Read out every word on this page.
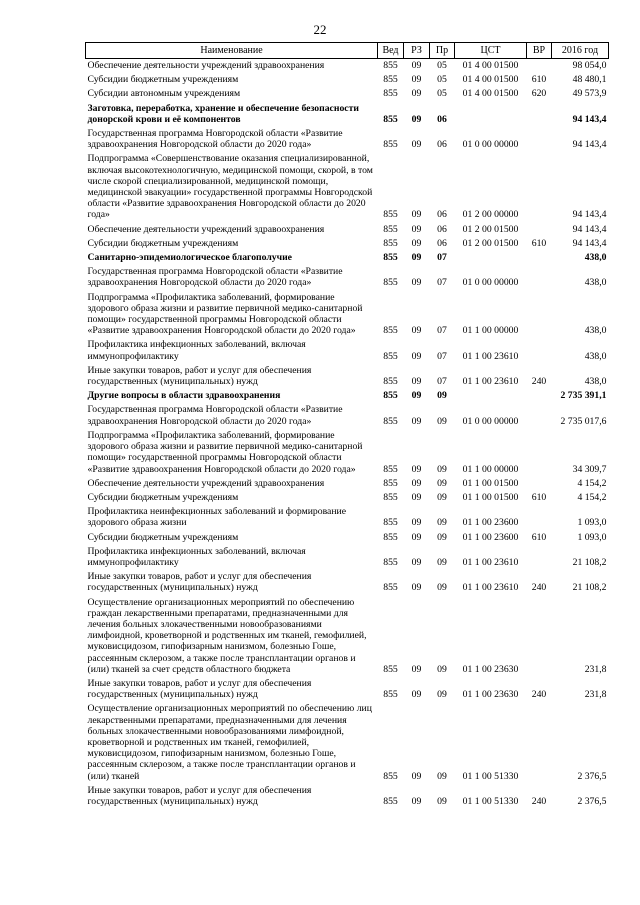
22
Наименование	Вед	РЗ	Пр	ЦСТ	ВР	2016 год
Обеспечение деятельности учреждений здравоохранения	855	09	05	01 4 00 01500		98 054,0
Субсидии бюджетным учреждениям	855	09	05	01 4 00 01500	610	48 480,1
Субсидии автономным учреждениям	855	09	05	01 4 00 01500	620	49 573,9
Заготовка, переработка, хранение и обеспечение безопасности донорской крови и её компонентов	855	09	06			94 143,4
Государственная программа Новгородской области «Развитие здравоохранения Новгородской области до 2020 года»	855	09	06	01 0 00 00000		94 143,4
Подпрограмма «Совершенствование оказания специализированной, включая высокотехнологичную, медицинской помощи, скорой, в том числе скорой специализированной, медицинской помощи, медицинской эвакуации» государственной программы Новгородской области «Развитие здравоохранения Новгородской области до 2020 года»	855	09	06	01 2 00 00000		94 143,4
Обеспечение деятельности учреждений здравоохранения	855	09	06	01 2 00 01500		94 143,4
Субсидии бюджетным учреждениям	855	09	06	01 2 00 01500	610	94 143,4
Санитарно-эпидемиологическое благополучие	855	09	07			438,0
Государственная программа Новгородской области «Развитие здравоохранения Новгородской области до 2020 года»	855	09	07	01 0 00 00000		438,0
Подпрограмма «Профилактика заболеваний, формирование здорового образа жизни и развитие первичной медико-санитарной помощи» государственной программы Новгородской области «Развитие здравоохранения Новгородской области до 2020 года»	855	09	07	01 1 00 00000		438,0
Профилактика инфекционных заболеваний, включая иммунопрофилактику	855	09	07	01 1 00 23610		438,0
Иные закупки товаров, работ и услуг для обеспечения государственных (муниципальных) нужд	855	09	07	01 1 00 23610	240	438,0
Другие вопросы в области здравоохранения	855	09	09			2 735 391,1
Государственная программа Новгородской области «Развитие здравоохранения Новгородской области до 2020 года»	855	09	09	01 0 00 00000		2 735 017,6
Подпрограмма «Профилактика заболеваний, формирование здорового образа жизни и развитие первичной медико-санитарной помощи» государственной программы Новгородской области «Развитие здравоохранения Новгородской области до 2020 года»	855	09	09	01 1 00 00000		34 309,7
Обеспечение деятельности учреждений здравоохранения	855	09	09	01 1 00 01500		4 154,2
Субсидии бюджетным учреждениям	855	09	09	01 1 00 01500	610	4 154,2
Профилактика неинфекционных заболеваний и формирование здорового образа жизни	855	09	09	01 1 00 23600		1 093,0
Субсидии бюджетным учреждениям	855	09	09	01 1 00 23600	610	1 093,0
Профилактика инфекционных заболеваний, включая иммунопрофилактику	855	09	09	01 1 00 23610		21 108,2
Иные закупки товаров, работ и услуг для обеспечения государственных (муниципальных) нужд	855	09	09	01 1 00 23610	240	21 108,2
Осуществление организационных мероприятий по обеспечению граждан лекарственными препаратами, предназначенными для лечения больных злокачественными новообразованиями лимфоидной, кроветворной и родственных им тканей, гемофилией, муковисцидозом, гипофизарным нанизмом, болезнью Гоше, рассеянным склерозом, а также после трансплантации органов и (или) тканей за счет средств областного бюджета	855	09	09	01 1 00 23630		231,8
Иные закупки товаров, работ и услуг для обеспечения государственных (муниципальных) нужд	855	09	09	01 1 00 23630	240	231,8
Осуществление организационных мероприятий по обеспечению лиц лекарственными препаратами, предназначенными для лечения больных злокачественными новообразованиями лимфоидной, кроветворной и родственных им тканей, гемофилией, муковисцидозом, гипофизарным нанизмом, болезнью Гоше, рассеянным склерозом, а также после трансплантации органов и (или) тканей	855	09	09	01 1 00 51330		2 376,5
Иные закупки товаров, работ и услуг для обеспечения государственных (муниципальных) нужд	855	09	09	01 1 00 51330	240	2 376,5
